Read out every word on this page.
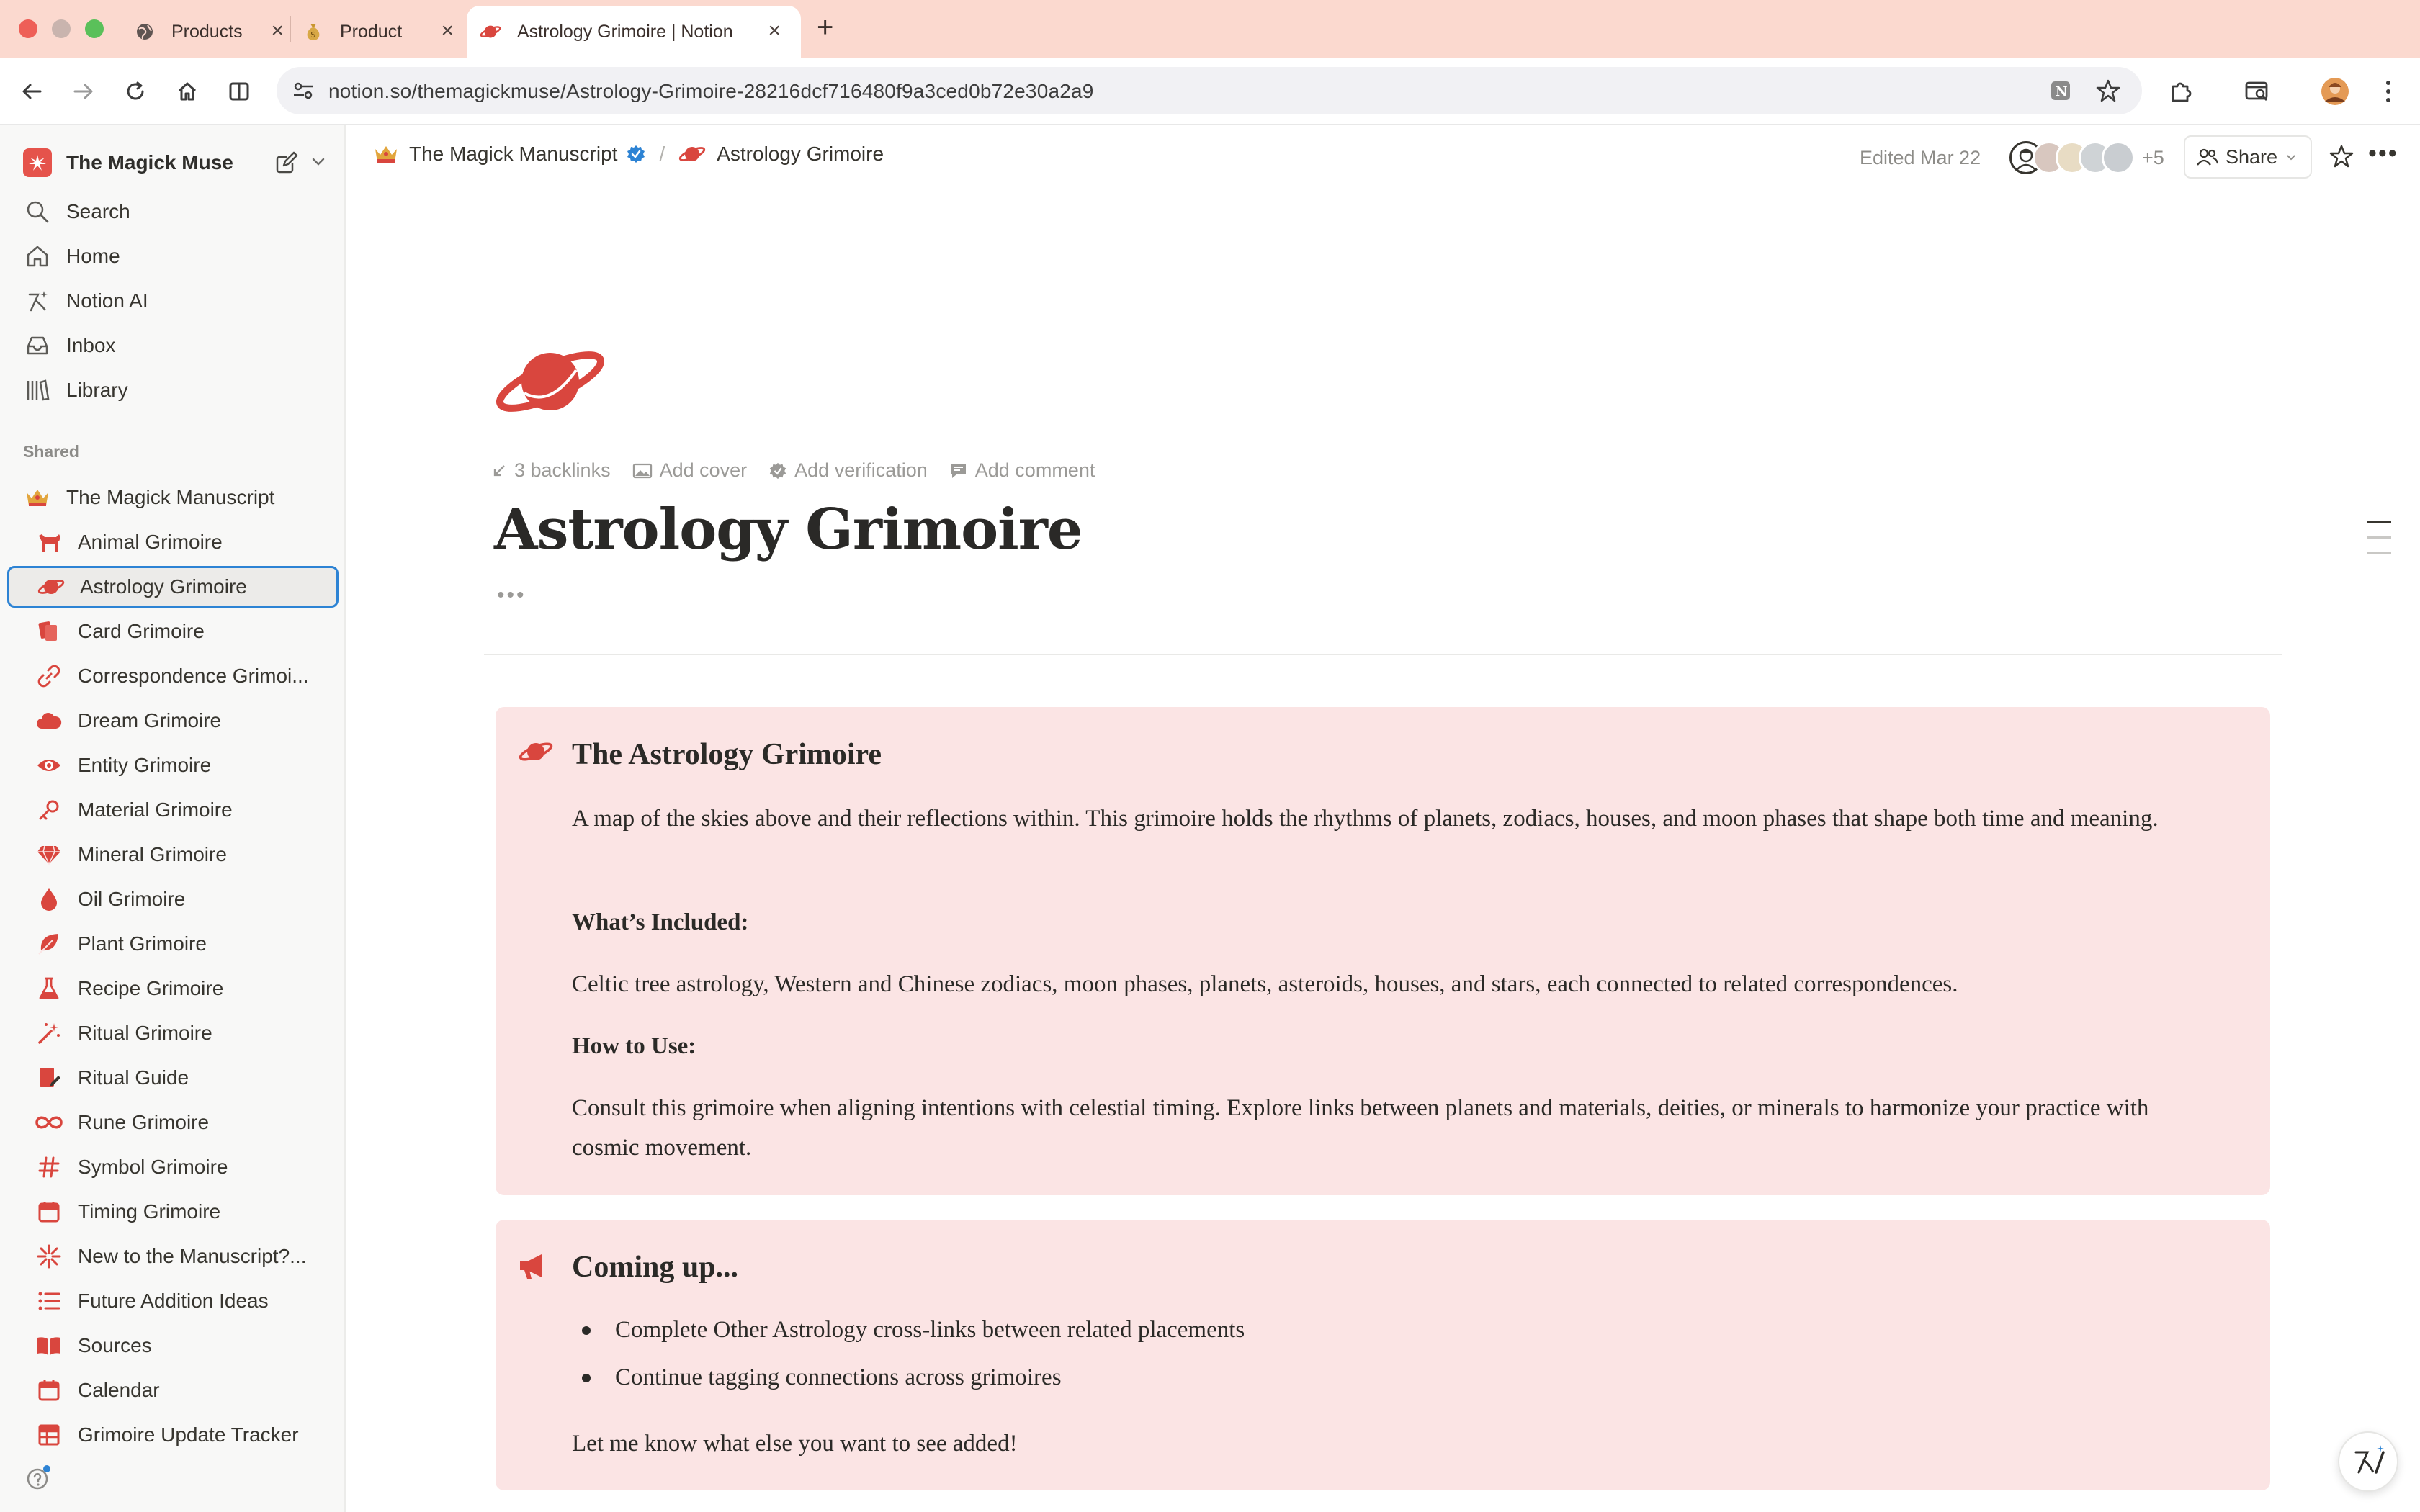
Products ×	$ Product ×	Astrology Grimoire | Notion × +
notion.so/themagickmuse/Astrology-Grimoire-28216dcf716480f9a3ced0b72e30a2a9	N
The Magick Muse
Search
Home
Notion AI
Inbox
Library
Shared
The Magick Manuscript
Animal Grimoire
Astrology Grimoire
Card Grimoire
Correspondence Grimoi...
Dream Grimoire
Entity Grimoire
Material Grimoire
Mineral Grimoire
Oil Grimoire
Plant Grimoire
Recipe Grimoire
Ritual Grimoire
Ritual Guide
Rune Grimoire
Symbol Grimoire
Timing Grimoire
New to the Manuscript?...
Future Addition Ideas
Sources
Calendar
Grimoire Update Tracker
The Magick Manuscript /	Astrology Grimoire	Edited Mar 22	+5	Share	•••
3 backlinks	Add cover Add verification Add comment
Astrology Grimoire
•••
The Astrology Grimoire

A map of the skies above and their reflections within. This grimoire holds the rhythms of planets, zodiacs, houses, and moon phases that shape both time and meaning.

What’s Included:

Celtic tree astrology, Western and Chinese zodiacs, moon phases, planets, asteroids, houses, and stars, each connected to related correspondences.

How to Use:

Consult this grimoire when aligning intentions with celestial timing. Explore links between planets and materials, deities, or minerals to harmonize your practice with cosmic movement.

Coming up...
Complete Other Astrology cross-links between related placements
Continue tagging connections across grimoires

Let me know what else you want to see added!
